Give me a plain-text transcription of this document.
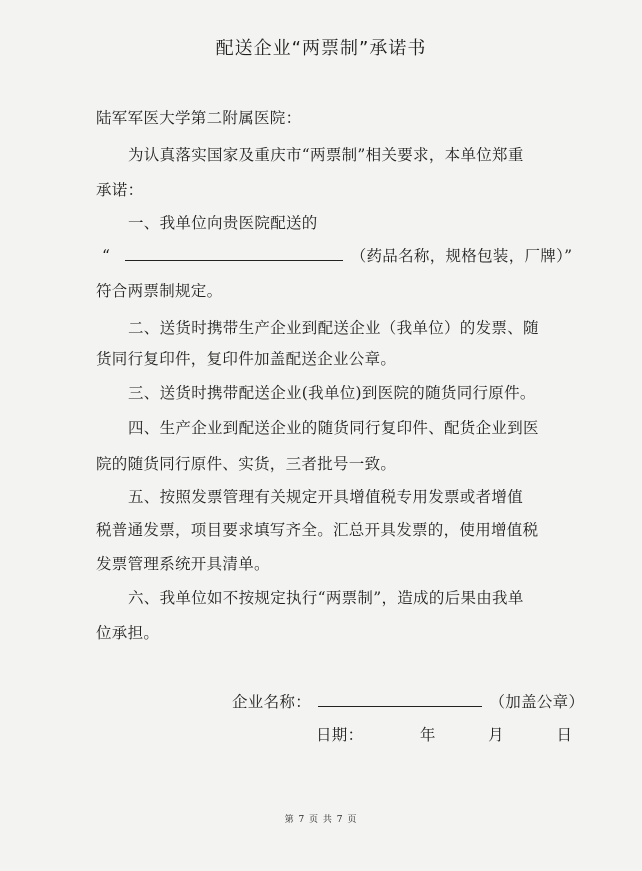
配送企业“两票制”承诺书
陆军军医大学第二附属医院：
为认真落实国家及重庆市“两票制”相关要求，本单位郑重
承诺：
一、我单位向贵医院配送的
“	（药品名称，规格包装，厂牌）”
符合两票制规定。
二、送货时携带生产企业到配送企业（我单位）的发票、随
货同行复印件，复印件加盖配送企业公章。
三、送货时携带配送企业(我单位)到医院的随货同行原件。
四、生产企业到配送企业的随货同行复印件、配货企业到医
院的随货同行原件、实货，三者批号一致。
五、按照发票管理有关规定开具增值税专用发票或者增值
税普通发票，项目要求填写齐全。汇总开具发票的，使用增值税
发票管理系统开具清单。
六、我单位如不按规定执行“两票制”，造成的后果由我单
位承担。
企业名称：	（加盖公章）
日期：	年	月	日
第 7 页 共 7 页
